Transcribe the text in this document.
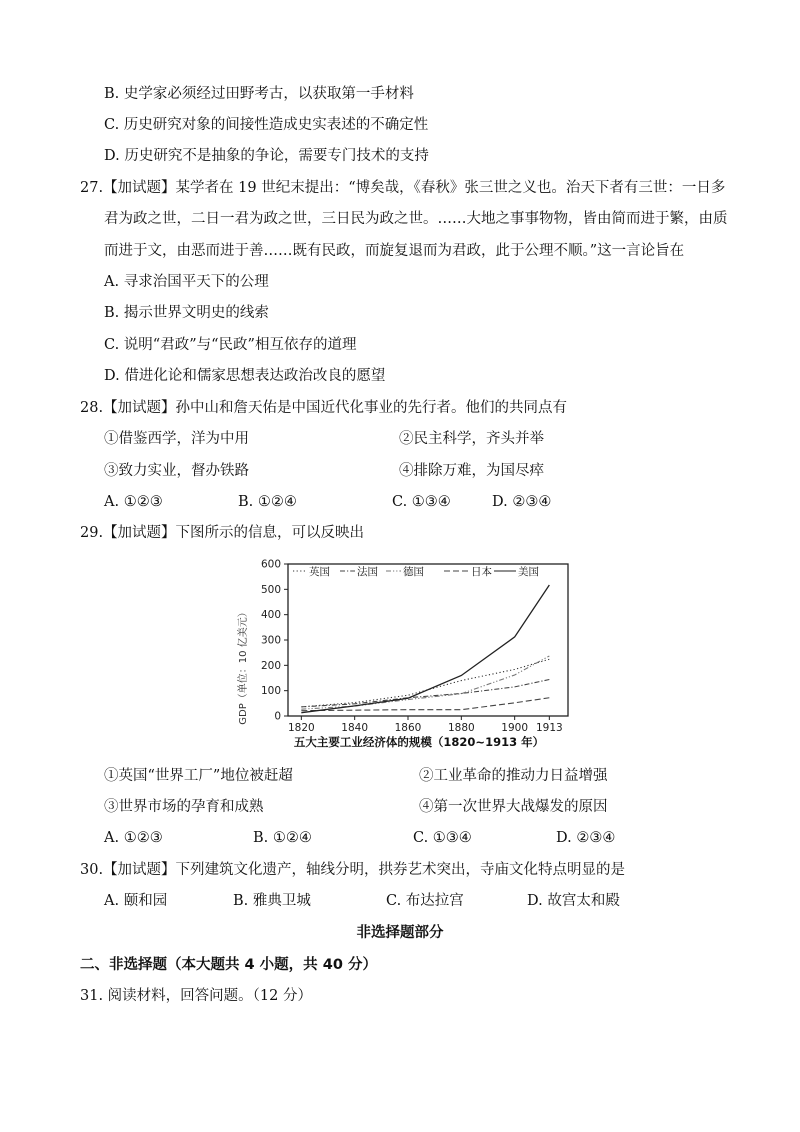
B. 史学家必须经过田野考古，以获取第一手材料
C. 历史研究对象的间接性造成史实表述的不确定性
D. 历史研究不是抽象的争论，需要专门技术的支持
27.【加试题】某学者在 19 世纪末提出：“博矣哉，《春秋》张三世之义也。治天下者有三世：一日多
君为政之世，二日一君为政之世，三日民为政之世。……大地之事事物物，皆由简而进于繁，由质
而进于文，由恶而进于善……既有民政，而旋复退而为君政，此于公理不顺。”这一言论旨在
A. 寻求治国平天下的公理
B. 揭示世界文明史的线索
C. 说明“君政”与“民政”相互依存的道理
D. 借进化论和儒家思想表达政治改良的愿望
28.【加试题】孙中山和詹天佑是中国近代化事业的先行者。他们的共同点有
①借鉴西学，洋为中用	②民主科学，齐头并举
③致力实业，督办铁路	④排除万难，为国尽瘁
A. ①②③	B. ①②④	C. ①③④	D. ②③④
29.【加试题】下图所示的信息，可以反映出
0
100
200
300
400
500
600
1820	1840	1860	1880	1900 1913
英国	法国 德国	日本 美国
GDP（单位：10 亿美元）
五大主要工业经济体的规模（1820~1913 年）
①英国“世界工厂”地位被赶超	②工业革命的推动力日益增强
③世界市场的孕育和成熟	④第一次世界大战爆发的原因
A. ①②③	B. ①②④	C. ①③④	D. ②③④
30.【加试题】下列建筑文化遗产，轴线分明，拱券艺术突出，寺庙文化特点明显的是
A. 颐和园	B. 雅典卫城	C. 布达拉宫	D. 故宫太和殿
非选择题部分
二、非选择题（本大题共 4 小题，共 40 分）
31. 阅读材料，回答问题。（12 分）
